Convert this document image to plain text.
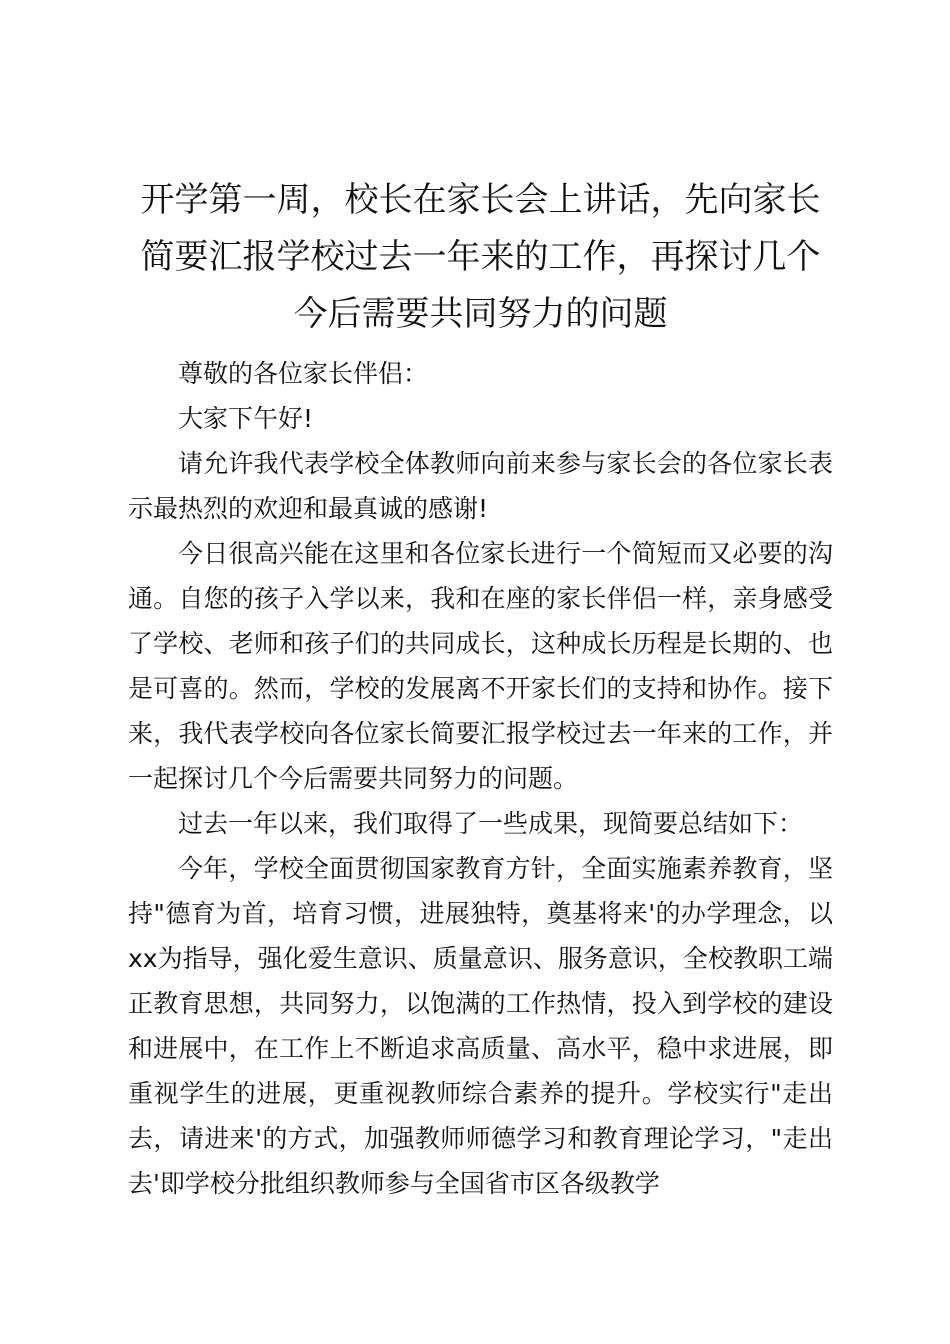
开学第一周，校长在家长会上讲话，先向家长简要汇报学校过去一年来的工作，再探讨几个今后需要共同努力的问题

尊敬的各位家长伴侣：

大家下午好!

请允许我代表学校全体教师向前来参与家长会的各位家长表示最热烈的欢迎和最真诚的感谢!

今日很高兴能在这里和各位家长进行一个简短而又必要的沟通。自您的孩子入学以来，我和在座的家长伴侣一样，亲身感受了学校、老师和孩子们的共同成长，这种成长历程是长期的、也是可喜的。然而，学校的发展离不开家长们的支持和协作。接下来，我代表学校向各位家长简要汇报学校过去一年来的工作，并一起探讨几个今后需要共同努力的问题。

过去一年以来，我们取得了一些成果，现简要总结如下：

今年，学校全面贯彻国家教育方针，全面实施素养教育，坚持"德育为首，培育习惯，进展独特，奠基将来'的办学理念，以xx为指导，强化爱生意识、质量意识、服务意识，全校教职工端正教育思想，共同努力，以饱满的工作热情，投入到学校的建设和进展中，在工作上不断追求高质量、高水平，稳中求进展，即重视学生的进展，更重视教师综合素养的提升。学校实行"走出去，请进来'的方式，加强教师师德学习和教育理论学习，"走出去'即学校分批组织教师参与全国省市区各级教学
